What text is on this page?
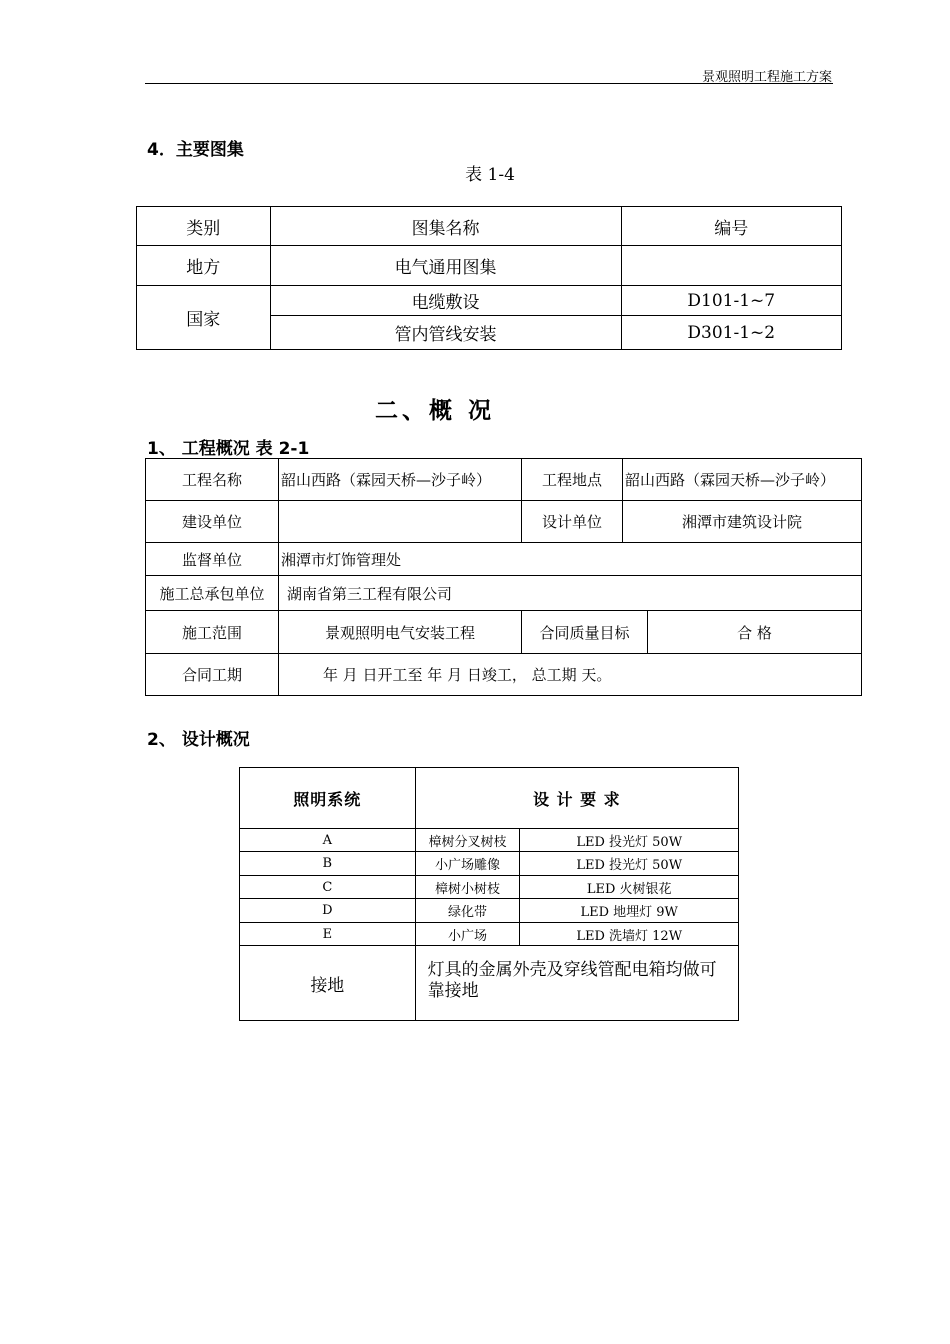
景观照明工程施工方案
4．主要图集
表 1-4
类别	图集名称	编号
地方	电气通用图集	
国家	电缆敷设	D101-1~7
	管内管线安装	D301-1~2
二、概 况
1、 工程概况 表 2-1
工程名称	韶山西路（霖园天桥—沙子岭）	工程地点	韶山西路（霖园天桥—沙子岭）	
建设单位		设计单位	湘潭市建筑设计院	
监督单位	湘潭市灯饰管理处			
施工总承包单位	湖南省第三工程有限公司			
施工范围	景观照明电气安装工程	合同质量目标		合 格
合同工期	年 月 日开工至 年 月 日竣工， 总工期 天。			
2、 设计概况
照明系统	设 计 要 求	
A	樟树分叉树枝	LED 投光灯 50W
B	小广场雕像	LED 投光灯 50W
C	樟树小树枝	LED 火树银花
D	绿化带	LED 地埋灯 9W
E	小广场	LED 洗墙灯 12W
接地	灯具的金属外壳及穿线管配电箱均做可靠接地	
